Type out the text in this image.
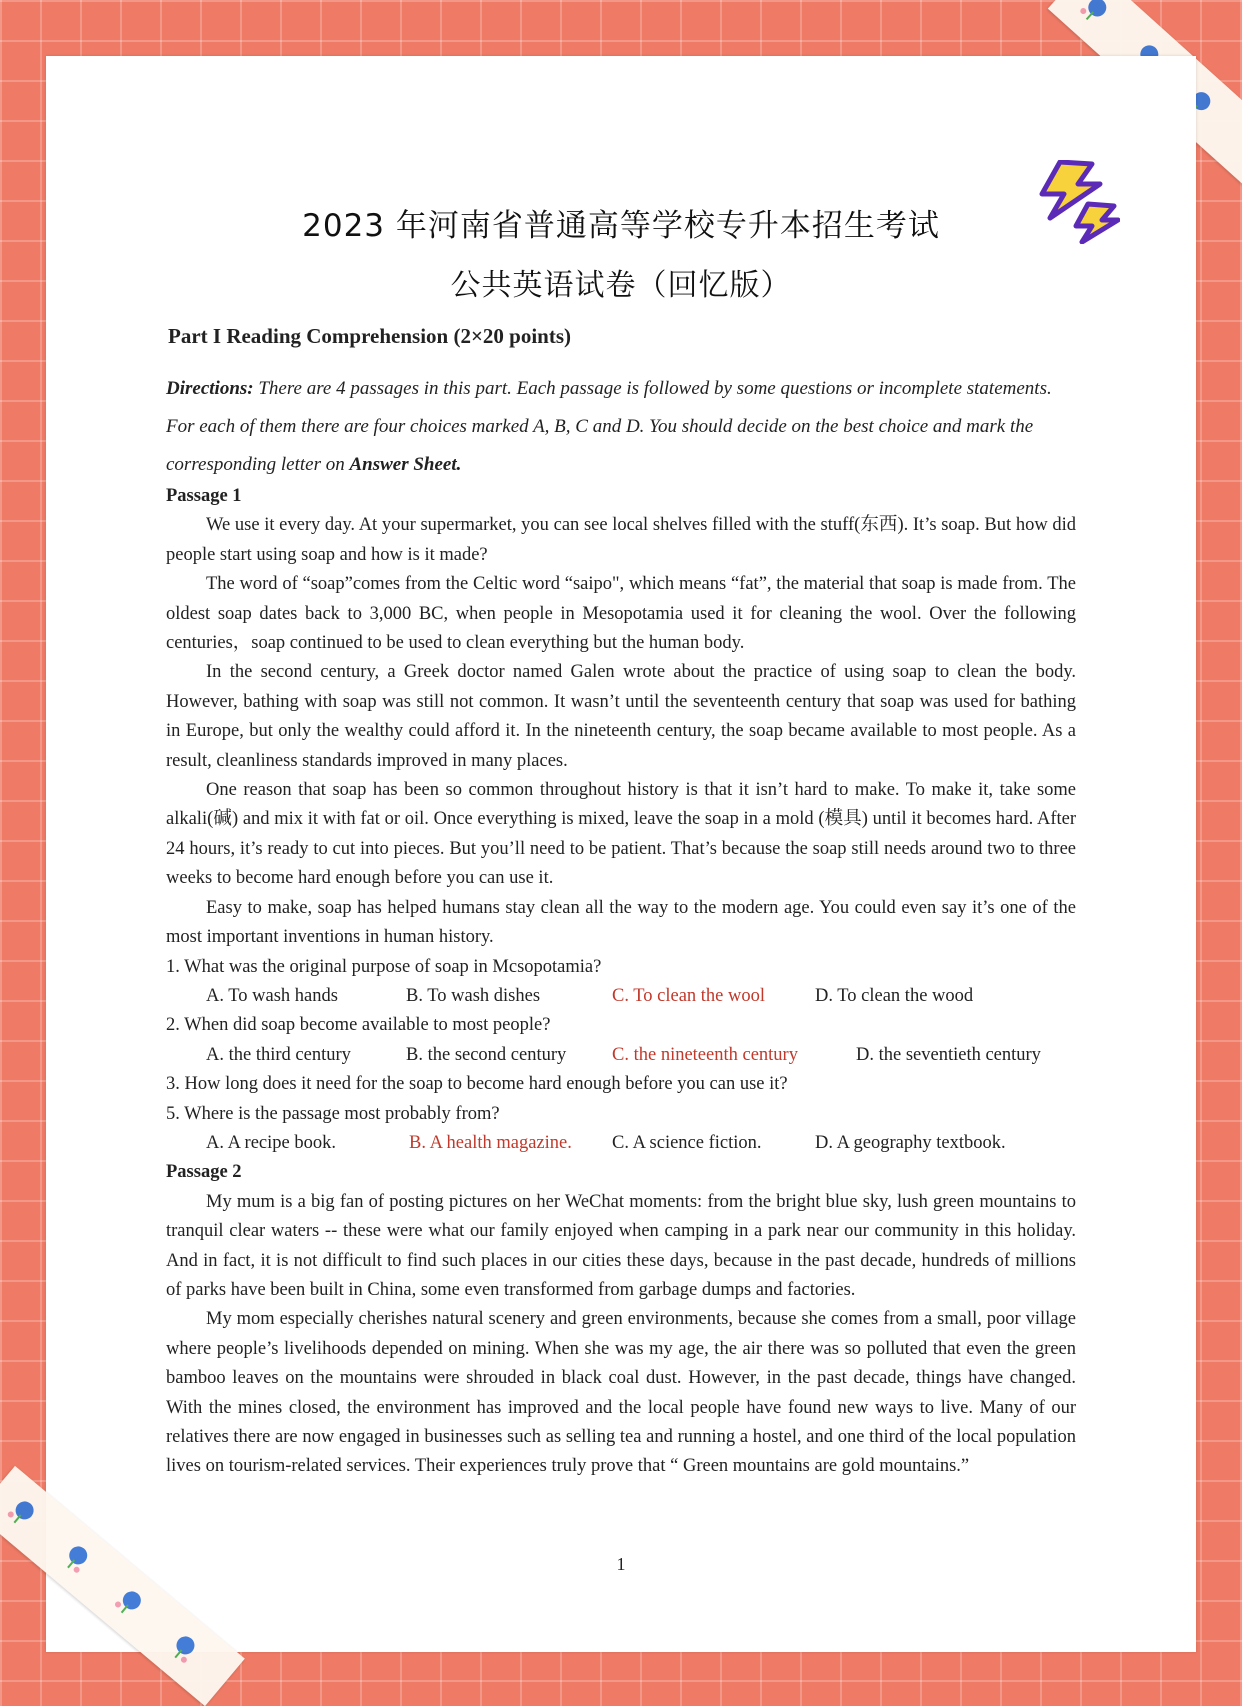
2023 年河南省普通高等学校专升本招生考试
公共英语试卷（回忆版）
Part I Reading Comprehension (2×20 points)
Directions: There are 4 passages in this part. Each passage is followed by some questions or incomplete statements. For each of them there are four choices marked A, B, C and D. You should decide on the best choice and mark the corresponding letter on Answer Sheet.
Passage 1

We use it every day. At your supermarket, you can see local shelves filled with the stuff(东西). It’s soap. But how did people start using soap and how is it made?

The word of “soap”comes from the Celtic word “saipo", which means “fat”, the material that soap is made from. The oldest soap dates back to 3,000 BC, when people in Mesopotamia used it for cleaning the wool. Over the following centuries，soap continued to be used to clean everything but the human body.

In the second century, a Greek doctor named Galen wrote about the practice of using soap to clean the body. However, bathing with soap was still not common. It wasn’t until the seventeenth century that soap was used for bathing in Europe, but only the wealthy could afford it. In the nineteenth century, the soap became available to most people. As a result, cleanliness standards improved in many places.

One reason that soap has been so common throughout history is that it isn’t hard to make. To make it, take some alkali(碱) and mix it with fat or oil. Once everything is mixed, leave the soap in a mold (模具) until it becomes hard. After 24 hours, it’s ready to cut into pieces. But you’ll need to be patient. That’s because the soap still needs around two to three weeks to become hard enough before you can use it.

Easy to make, soap has helped humans stay clean all the way to the modern age. You could even say it’s one of the most important inventions in human history.

1. What was the original purpose of soap in Mcsopotamia?
A. To wash hands	B. To wash dishes	C. To clean the wool	D. To clean the wood
2. When did soap become available to most people?
A. the third century	B. the second century C. the nineteenth century	D. the seventieth century
3. How long does it need for the soap to become hard enough before you can use it?
5. Where is the passage most probably from?
A. A recipe book.	B. A health magazine. C. A science fiction.	D. A geography textbook.
Passage 2

My mum is a big fan of posting pictures on her WeChat moments: from the bright blue sky, lush green mountains to tranquil clear waters -- these were what our family enjoyed when camping in a park near our community in this holiday. And in fact, it is not difficult to find such places in our cities these days, because in the past decade, hundreds of millions of parks have been built in China, some even transformed from garbage dumps and factories.

My mom especially cherishes natural scenery and green environments, because she comes from a small, poor village where people’s livelihoods depended on mining. When she was my age, the air there was so polluted that even the green bamboo leaves on the mountains were shrouded in black coal dust. However, in the past decade, things have changed. With the mines closed, the environment has improved and the local people have found new ways to live. Many of our relatives there are now engaged in businesses such as selling tea and running a hostel, and one third of the local population lives on tourism-related services. Their experiences truly prove that “ Green mountains are gold mountains.”

1
知乎 @河南精通专升本
